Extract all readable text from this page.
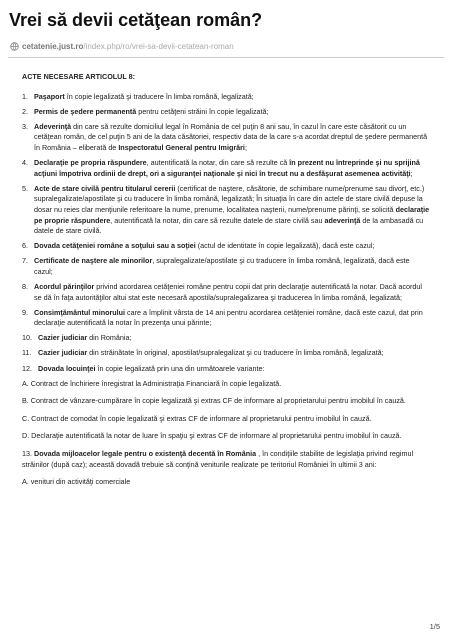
Vrei să devii cetăţean român?
cetatenie.just.ro /index.php/ro/vrei-sa-devii-cetatean-roman
ACTE NECESARE ARTICOLUL 8:
1. Paşaport în copie legalizată şi traducere în limba română, legalizată;
2. Permis de şedere permanentă pentru cetăţeni străini în copie legalizată;
3. Adeverinţă din care să rezulte domiciliul legal în România de cel puţin 8 ani sau, în cazul în care este căsătorit cu un cetăţean român, de cel puţin 5 ani de la data căsătoriei, respectiv data de la care s-a acordat dreptul de şedere permanentă în România – eliberată de Inspectoratul General pentru Imigrări;
4. Declaraţie pe propria răspundere, autentificată la notar, din care să rezulte că în prezent nu întreprinde şi nu sprijină acţiuni împotriva ordinii de drept, ori a siguranţei naţionale şi nici în trecut nu a desfăşurat asemenea activităţi;
5. Acte de stare civilă pentru titularul cererii (certificat de naştere, căsătorie, de schimbare nume/prenume sau divorţ, etc.) supralegalizate/apostilate şi cu traducere în limba română, legalizată; În situaţia în care din actele de stare civilă depuse la dosar nu reies clar menţiunile referitoare la nume, prenume, localitatea naşterii, nume/prenume părinţi, se solicită declaraţie pe proprie răspundere, autentificată la notar, din care să rezulte datele de stare civilă sau adeverinţă de la ambasadă cu datele de stare civilă.
6. Dovada cetăţeniei române a soţului sau a soţiei (actul de identitate în copie legalizată), dacă este cazul;
7. Certificate de naştere ale minorilor, supralegalizate/apostilate şi cu traducere în limba română, legalizată, dacă este cazul;
8. Acordul părinţilor privind acordarea cetăţeniei române pentru copii dat prin declaraţie autentificată la notar. Dacă acordul se dă în faţa autorităţilor altui stat este necesară apostila/supralegalizarea şi traducerea în limba română, legalizată;
9. Consimţământul minorului care a împlinit vârsta de 14 ani pentru acordarea cetăţeniei române, dacă este cazul, dat prin declaraţie autentificată la notar în prezenţa unui părinte;
10. Cazier judiciar din România;
11. Cazier judiciar din străinătate în original, apostilat/supralegalizat şi cu traducere în limba română, legalizată;
12. Dovada locuinţei în copie legalizată prin una din următoarele variante:
A. Contract de închiriere înregistrat la Administraţia Financiară în copie legalizată.
B. Contract de vânzare-cumpărare în copie legalizată şi extras CF de informare al proprietarului pentru imobilul în cauză.
C. Contract de comodat în copie legalizată şi extras CF de informare al proprietarului pentru imobilul în cauză.
D. Declaraţie autentificată la notar de luare în spaţiu şi extras CF de informare al proprietarului pentru imobilul în cauză.
13. Dovada mijloacelor legale pentru o existenţă decentă în România , în condiţiile stabilite de legislaţia privind regimul străinilor (după caz); această dovadă trebuie să conţină veniturile realizate pe teritoriul României în ultimii 3 ani:
A. venituri din activităţi comerciale
1/5
